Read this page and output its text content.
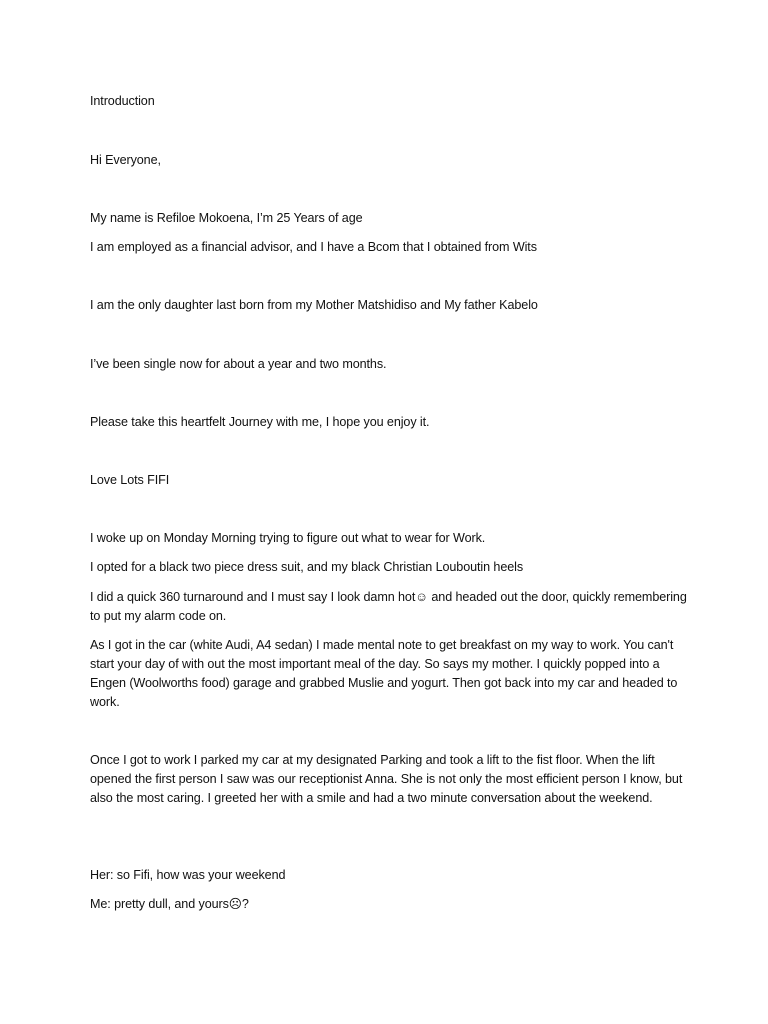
Introduction

Hi Everyone,

My name is Refiloe Mokoena, I’m 25 Years of age

I am employed as a financial advisor, and I have a Bcom that I obtained from Wits

I am the only daughter last born from my Mother Matshidiso and My father Kabelo

I’ve been single now for about a year and two months.

Please take this heartfelt Journey with me, I hope you enjoy it.

Love Lots FIFI

I woke up on Monday Morning trying to figure out what to wear for Work.

I opted for a black two piece dress suit, and my black Christian Louboutin heels

I did a quick 360 turnaround and I must say I look damn hot☺ and headed out the door, quickly remembering to put my alarm code on.

As I got in the car (white Audi, A4 sedan) I made mental note to get breakfast on my way to work. You can't start your day of with out the most important meal of the day. So says my mother. I quickly popped into a Engen (Woolworths food) garage and grabbed Muslie and yogurt. Then got back into my car and headed to work.

Once I got to work I parked my car at my designated Parking and took a lift to the fist floor. When the lift opened the first person I saw was our receptionist Anna. She is not only the most efficient person I know, but also the most caring. I greeted her with a smile and had a two minute conversation about the weekend.

Her: so Fifi, how was your weekend

Me: pretty dull, and yours☹?
